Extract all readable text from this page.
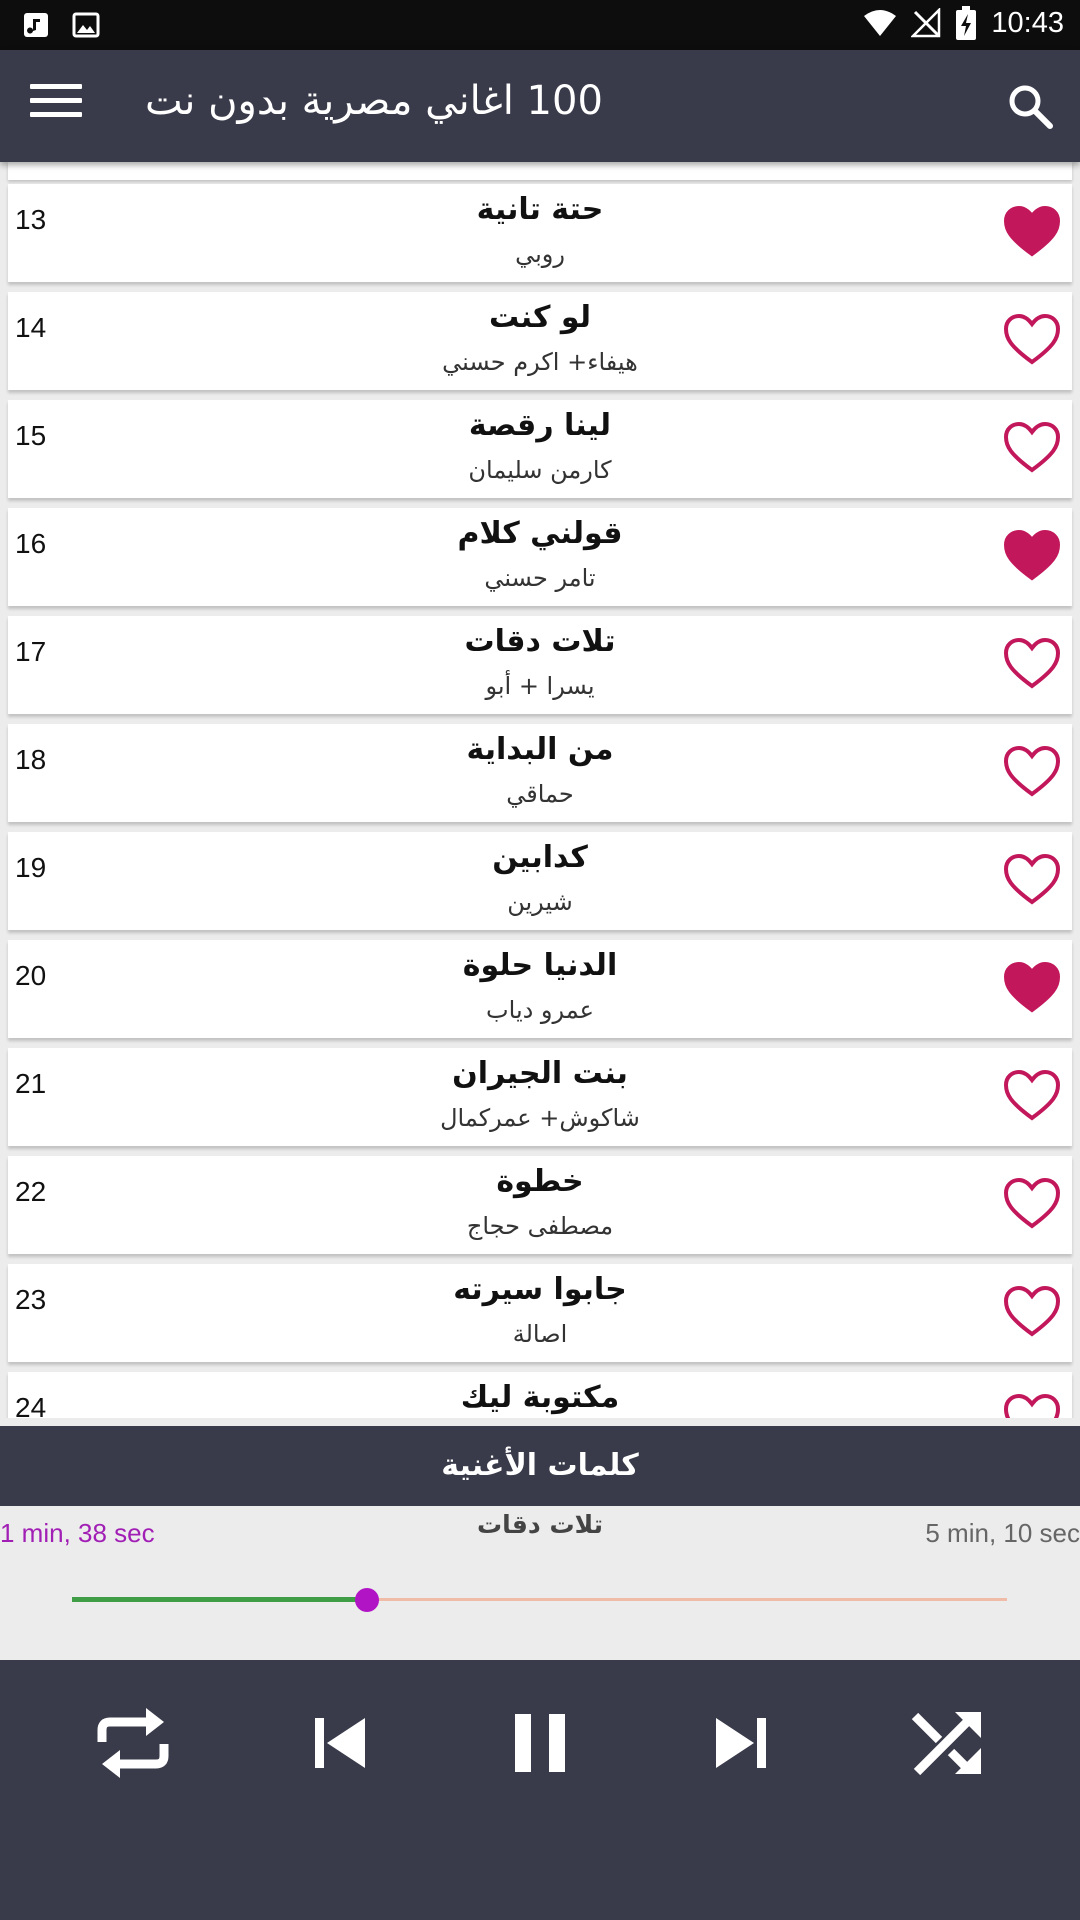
10:43
100 اغاني مصرية بدون نت
13	حتة تانية
روبي
14	لو كنت
هيفاء+ اكرم حسني
15	لينا رقصة
كارمن سليمان
16	قولني كلام
تامر حسني
17	تلات دقات
يسرا + أبو
18	من البداية
حماقي
19	كدابين
شيرين
20	الدنيا حلوة
عمرو دياب
21	بنت الجيران
شاكوش+ عمركمال
22	خطوة
مصطفى حجاج
23	جابوا سيرته
اصالة
24	مكتوبة ليك
كلمات الأغنية
1 min, 38 sec	تلات دقات	5 min, 10 sec
